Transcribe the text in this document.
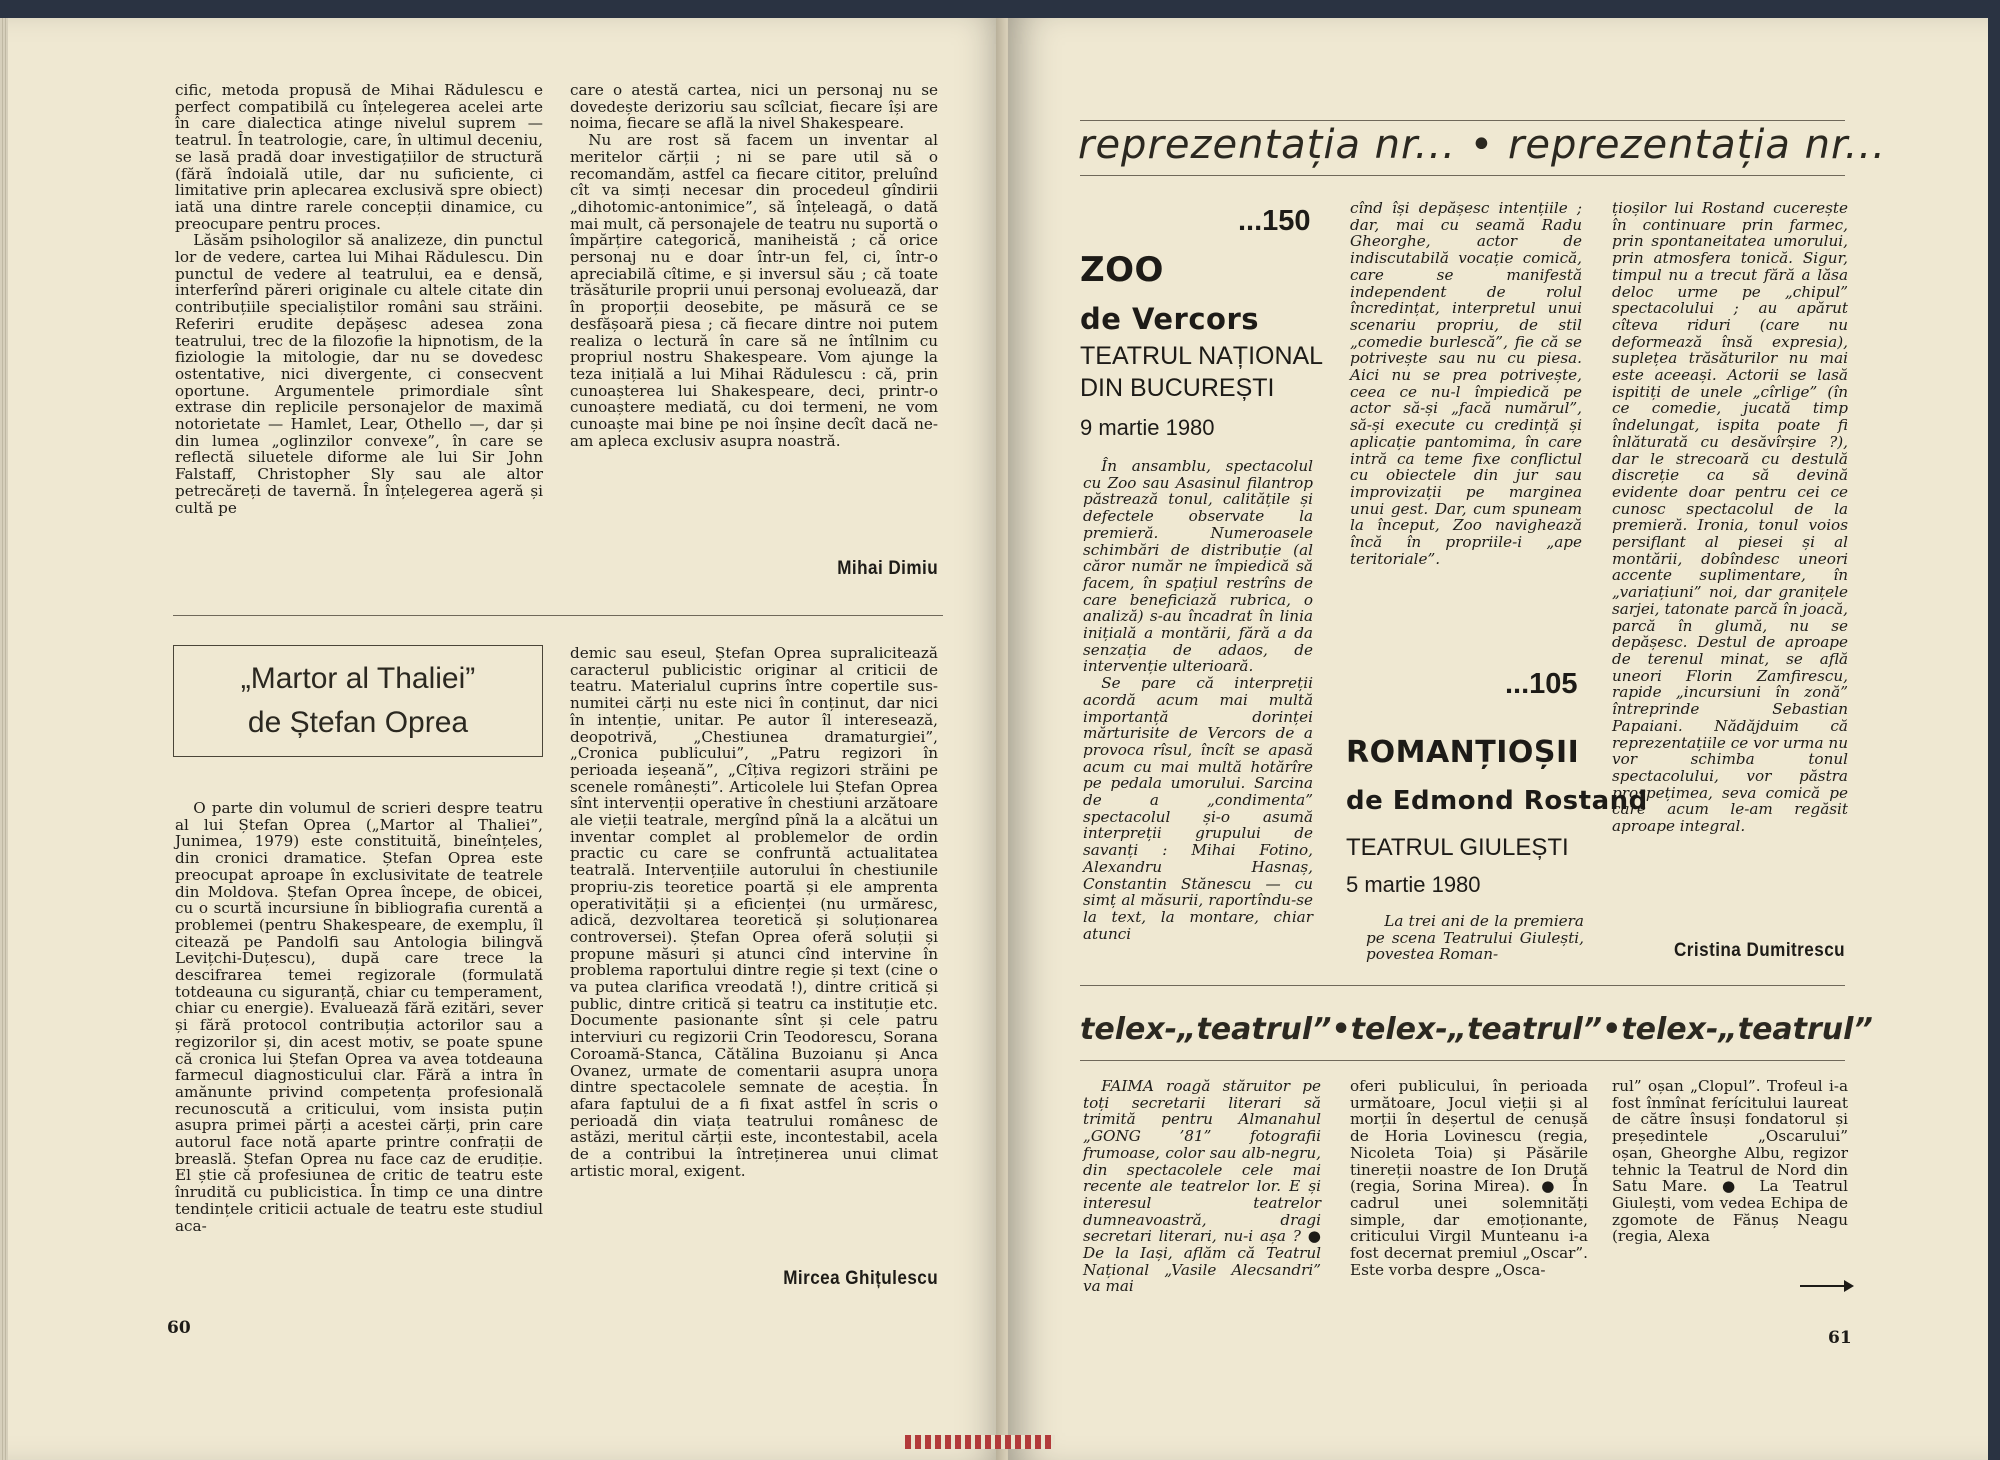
cific, metoda propusă de Mihai Rădulescu e perfect compatibilă cu înțelegerea acelei arte în care dialectica atinge nivelul suprem — teatrul. În teatrologie, care, în ultimul deceniu, se lasă pradă doar investigațiilor de structură (fără îndoială utile, dar nu suficiente, ci limitative prin aplecarea exclusivă spre obiect) iată una dintre rarele concepții dinamice, cu preocupare pentru proces.

Lăsăm psihologilor să analizeze, din punctul lor de vedere, cartea lui Mihai Rădulescu. Din punctul de vedere al teatrului, ea e densă, interferînd păreri originale cu altele citate din contribuțiile specialiștilor români sau străini. Referiri erudite depășesc adesea zona teatrului, trec de la filozofie la hipnotism, de la fiziologie la mitologie, dar nu se dovedesc ostentative, nici divergente, ci consecvent oportune. Argumentele primordiale sînt extrase din replicile personajelor de maximă notorietate — Hamlet, Lear, Othello —, dar și din lumea „oglinzilor convexe”, în care se reflectă siluetele diforme ale lui Sir John Falstaff, Christopher Sly sau ale altor petrecăreți de tavernă. În înțelegerea ageră și cultă pe

care o atestă cartea, nici un personaj nu se dovedește derizoriu sau scîlciat, fiecare își are noima, fiecare se află la nivel Shakespeare.

Nu are rost să facem un inventar al meritelor cărții ; ni se pare util să o recomandăm, astfel ca fiecare cititor, preluînd cît va simți necesar din procedeul gîndirii „dihotomic-antonimice”, să înțeleagă, o dată mai mult, că personajele de teatru nu suportă o împărțire categorică, maniheistă ; că orice personaj nu e doar într-un fel, ci, într-o apreciabilă cîtime, e și inversul său ; că toate trăsăturile proprii unui personaj evoluează, dar în proporții deosebite, pe măsură ce se desfășoară piesa ; că fiecare dintre noi putem realiza o lectură în care să ne întîlnim cu propriul nostru Shakespeare. Vom ajunge la teza inițială a lui Mihai Rădulescu : că, prin cunoașterea lui Shakespeare, deci, printr-o cunoaștere mediată, cu doi termeni, ne vom cunoaște mai bine pe noi înșine decît dacă ne-am apleca exclusiv asupra noastră.

Mihai Dimiu
„Martor al Thaliei”
de Ștefan Oprea

O parte din volumul de scrieri despre teatru al lui Ștefan Oprea („Martor al Thaliei”, Junimea, 1979) este constituită, bineînțeles, din cronici dramatice. Ștefan Oprea este preocupat aproape în exclusivitate de teatrele din Moldova. Ștefan Oprea începe, de obicei, cu o scurtă incursiune în bibliografia curentă a problemei (pentru Shakespeare, de exemplu, îl citează pe Pandolfi sau Antologia bilingvă Levițchi-Duțescu), după care trece la descifrarea temei regizorale (formulată totdeauna cu siguranță, chiar cu temperament, chiar cu energie). Evaluează fără ezitări, sever și fără protocol contribuția actorilor sau a regizorilor și, din acest motiv, se poate spune că cronica lui Ștefan Oprea va avea totdeauna farmecul diagnosticului clar. Fără a intra în amănunte privind competența profesională recunoscută a criticului, vom insista puțin asupra primei părți a acestei cărți, prin care autorul face notă aparte printre confrații de breaslă. Ștefan Oprea nu face caz de erudiție. El știe că profesiunea de critic de teatru este înrudită cu publicistica. În timp ce una dintre tendințele criticii actuale de teatru este studiul aca-

demic sau eseul, Ștefan Oprea supralicitează caracterul publicistic originar al criticii de teatru. Materialul cuprins între copertile sus-numitei cărți nu este nici în conținut, dar nici în intenție, unitar. Pe autor îl interesează, deopotrivă, „Chestiunea dramaturgiei”, „Cronica publicului”, „Patru regizori în perioada ieșeană”, „Cîțiva regizori străini pe scenele românești”. Articolele lui Ștefan Oprea sînt intervenții operative în chestiuni arzătoare ale vieții teatrale, mergînd pînă la a alcătui un inventar complet al problemelor de ordin practic cu care se confruntă actualitatea teatrală. Intervențiile autorului în chestiunile propriu-zis teoretice poartă și ele amprenta operativității și a eficienței (nu urmăresc, adică, dezvoltarea teoretică și soluționarea controversei). Ștefan Oprea oferă soluții și propune măsuri și atunci cînd intervine în problema raportului dintre regie și text (cine o va putea clarifica vreodată !), dintre critică și public, dintre critică și teatru ca instituție etc. Documente pasionante sînt și cele patru interviuri cu regizorii Crin Teodorescu, Sorana Coroamă-Stanca, Cătălina Buzoianu și Anca Ovanez, urmate de comentarii asupra unora dintre spectacolele semnate de aceștia. În afara faptului de a fi fixat astfel în scris o perioadă din viața teatrului românesc de astăzi, meritul cărții este, incontestabil, acela de a contribui la întreținerea unui climat artistic moral, exigent.

Mircea Ghițulescu
60
reprezentația nr... • reprezentația nr...
...150
ZOO
de Vercors
TEATRUL NAȚIONAL DIN BUCUREȘTI
9 martie 1980

În ansamblu, spectacolul cu Zoo sau Asasinul filantrop păstrează tonul, calitățile și defectele observate la premieră. Numeroasele schimbări de distribuție (al căror număr ne împiedică să facem, în spațiul restrîns de care beneficiază rubrica, o analiză) s-au încadrat în linia inițială a montării, fără a da senzația de adaos, de intervenție ulterioară.

Se pare că interpreții acordă acum mai multă importanță dorinței mărturisite de Vercors de a provoca rîsul, încît se apasă acum cu mai multă hotărîre pe pedala umorului. Sarcina de a „condimenta” spectacolul și-o asumă interpreții grupului de savanți : Mihai Fotino, Alexandru Hasnaș, Constantin Stănescu — cu simț al măsurii, raportîndu-se la text, la montare, chiar atunci

cînd își depășesc intențiile ; dar, mai cu seamă Radu Gheorghe, actor de indiscutabilă vocație comică, care se manifestă independent de rolul încredințat, interpretul unui scenariu propriu, de stil „comedie burlescă”, fie că se potrivește sau nu cu piesa. Aici nu se prea potrivește, ceea ce nu-l împiedică pe actor să-și „facă numărul”, să-și execute cu credință și aplicație pantomima, în care intră ca teme fixe conflictul cu obiectele din jur sau improvizații pe marginea unui gest. Dar, cum spuneam la început, Zoo navighează încă în propriile-i „ape teritoriale”.

...105
ROMANȚIOȘII
de Edmond Rostand
TEATRUL GIULEȘTI
5 martie 1980

La trei ani de la premiera pe scena Teatrului Giulești, povestea Roman-

țioșilor lui Rostand cucerește în continuare prin farmec, prin spontaneitatea umorului, prin atmosfera tonică. Sigur, timpul nu a trecut fără a lăsa deloc urme pe „chipul” spectacolului ; au apărut cîteva riduri (care nu deformează însă expresia), suplețea trăsăturilor nu mai este aceeași. Actorii se lasă ispitiți de unele „cîrlige” (în ce comedie, jucată timp îndelungat, ispita poate fi înlăturată cu desăvîrșire ?), dar le strecoară cu destulă discreție ca să devină evidente doar pentru cei ce cunosc spectacolul de la premieră. Ironia, tonul voios persiflant al piesei și al montării, dobîndesc uneori accente suplimentare, în „variațiuni” noi, dar granițele sarjei, tatonate parcă în joacă, parcă în glumă, nu se depășesc. Destul de aproape de terenul minat, se află uneori Florin Zamfirescu, rapide „incursiuni în zonă” întreprinde Sebastian Papaiani. Nădăjduim că reprezentațiile ce vor urma nu vor schimba tonul spectacolului, vor păstra prospețimea, seva comică pe care acum le-am regăsit aproape integral.

Cristina Dumitrescu
telex-„teatrul”•telex-„teatrul”•telex-„teatrul”

FAIMA roagă stăruitor pe toți secretarii literari să trimită pentru Almanahul „GONG ’81” fotografii frumoase, color sau alb-negru, din spectacolele cele mai recente ale teatrelor lor. E și interesul teatrelor dumneavoastră, dragi secretari literari, nu-i așa ? ● De la Iași, aflăm că Teatrul Național „Vasile Alecsandri” va mai

oferi publicului, în perioada următoare, Jocul vieții și al morții în deșertul de cenușă de Horia Lovinescu (regia, Nicoleta Toia) și Păsările tinereții noastre de Ion Druță (regia, Sorina Mirea). ● În cadrul unei solemnități simple, dar emoționante, criticului Virgil Munteanu i-a fost decernat premiul „Oscar”. Este vorba despre „Osca-

rul” oșan „Clopul”. Trofeul i-a fost înmînat ferícitului laureat de către însuși fondatorul și președintele „Oscarului” oșan, Gheorghe Albu, regizor tehnic la Teatrul de Nord din Satu Mare. ● La Teatrul Giulești, vom vedea Echipa de zgomote de Fănuș Neagu (regia, Alexa

61
